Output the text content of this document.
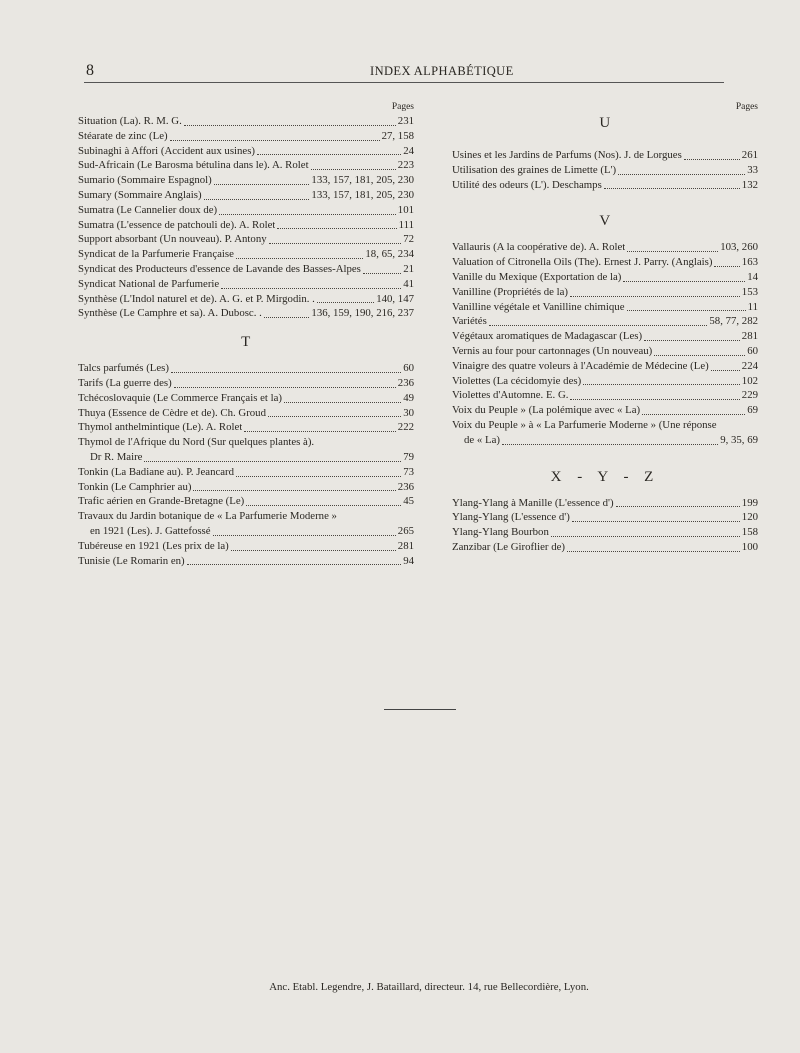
8	INDEX ALPHABÉTIQUE
Pages
Situation (La). R. M. G.	231
Stéarate de zinc (Le)	27, 158
Subinaghi à Affori (Accident aux usines)	24
Sud-Africain (Le Barosma bétulina dans le). A. Rolet	223
Sumario (Sommaire Espagnol)	133, 157, 181, 205, 230
Sumary (Sommaire Anglais)	133, 157, 181, 205, 230
Sumatra (Le Cannelier doux de)	101
Sumatra (L'essence de patchouli de). A. Rolet	111
Support absorbant (Un nouveau). P. Antony	72
Syndicat de la Parfumerie Française	18, 65, 234
Syndicat des Producteurs d'essence de Lavande des Basses-Alpes	21
Syndicat National de Parfumerie	41
Synthèse (L'Indol naturel et de). A. G. et P. Mirgodin. .	140, 147
Synthèse (Le Camphre et sa). A. Dubosc. .	136, 159, 190, 216, 237
T
Talcs parfumés (Les)	60
Tarifs (La guerre des)	236
Tchécoslovaquie (Le Commerce Français et la)	49
Thuya (Essence de Cèdre et de). Ch. Groud	30
Thymol anthelmintique (Le). A. Rolet	222
Thymol de l'Afrique du Nord (Sur quelques plantes à).
Dr R. Maire	79
Tonkin (La Badiane au). P. Jeancard	73
Tonkin (Le Camphrier au)	236
Trafic aérien en Grande-Bretagne (Le)	45
Travaux du Jardin botanique de « La Parfumerie Moderne »
en 1921 (Les). J. Gattefossé	265
Tubéreuse en 1921 (Les prix de la)	281
Tunisie (Le Romarin en)	94
Pages
U
Usines et les Jardins de Parfums (Nos). J. de Lorgues	261
Utilisation des graines de Limette (L')	33
Utilité des odeurs (L'). Deschamps	132
V
Vallauris (A la coopérative de). A. Rolet	103, 260
Valuation of Citronella Oils (The). Ernest J. Parry. (Anglais)	163
Vanille du Mexique (Exportation de la)	14
Vanilline (Propriétés de la)	153
Vanilline végétale et Vanilline chimique	11
Variétés	58, 77, 282
Végétaux aromatiques de Madagascar (Les)	281
Vernis au four pour cartonnages (Un nouveau)	60
Vinaigre des quatre voleurs à l'Académie de Médecine (Le)	224
Violettes (La cécidomyie des)	102
Violettes d'Automne. E. G.	229
Voix du Peuple » (La polémique avec « La)	69
Voix du Peuple » à « La Parfumerie Moderne » (Une réponse
de « La)	9, 35, 69
X - Y - Z
Ylang-Ylang à Manille (L'essence d')	199
Ylang-Ylang (L'essence d')	120
Ylang-Ylang Bourbon	158
Zanzibar (Le Giroflier de)	100
Anc. Etabl. Legendre, J. Bataillard, directeur. 14, rue Bellecordière, Lyon.
